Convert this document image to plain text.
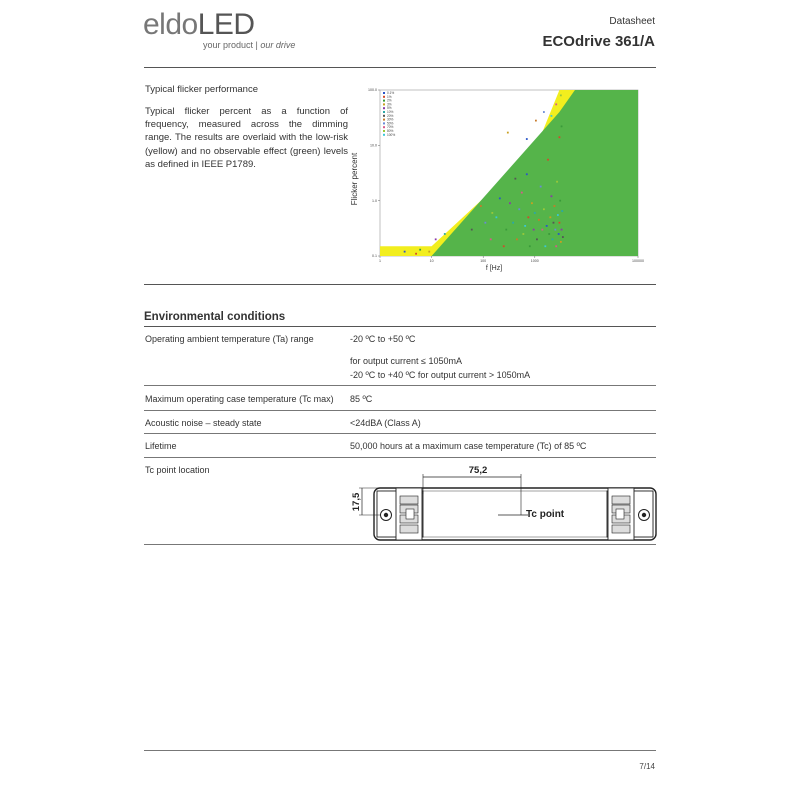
eldoLED
your product | our drive
Datasheet
ECOdrive 361/A
Typical flicker performance
Typical flicker percent as a function of frequency, measured across the dimming range. The results are overlaid with the low-risk (yellow) and no observable effect (green) levels as defined in IEEE P1789.
1	10	100	1000	100000
100.0
10.0
1.0
0.1
0.1%
1%
2%
3%
5%
10%
20%
30%
50%
70%
80%
100%
Flicker percent
f [Hz]
Environmental conditions
Operating ambient temperature (Ta) range	-20 ºC to +50 ºC
for output current ≤ 1050mA
-20 ºC to +40 ºC for output current > 1050mA
Maximum operating case temperature (Tc max) 85 ºC
Acoustic noise – steady state	<24dBA (Class A)
Lifetime	50,000 hours at a maximum case temperature (Tc) of 85 ºC
Tc point location	75,2
17,5
Tc point
7/14
